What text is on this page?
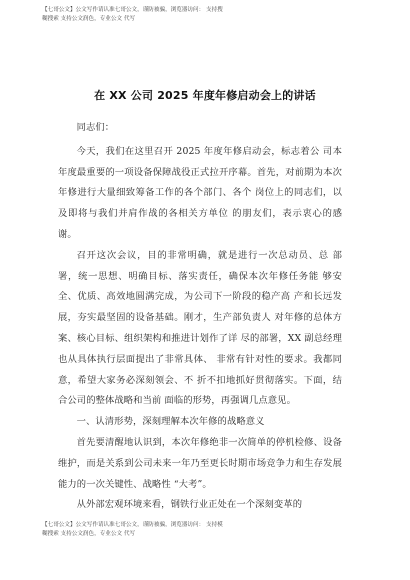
【七哥公文】公文写作请认准七哥公文，谨防被骗，浏览器访问： 支持搜
糊搜索 支持公文润色，专业公文 代写
在 XX 公司 2025 年度年修启动会上的讲话

同志们：

今天，我们在这里召开 2025 年度年修启动会，标志着公 司本年度最重要的一项设备保障战役正式拉开序幕。首先，对前期为本次年修进行大量细致筹备工作的各个部门、各个 岗位上的同志们，以及即将与我们并肩作战的各相关方单位 的朋友们，表示衷心的感谢。

召开这次会议，目的非常明确，就是进行一次总动员、总 部署，统一思想、明确目标、落实责任，确保本次年修任务能 够安全、优质、高效地圆满完成，为公司下一阶段的稳产高 产和长远发展，夯实最坚固的设备基础。刚才，生产部负责人 对年修的总体方案、核心目标、组织架构和推进计划作了详 尽的部署，XX 副总经理也从具体执行层面提出了非常具体、 非常有针对性的要求。我都同意，希望大家务必深刻领会、不 折不扣地抓好贯彻落实。下面，结合公司的整体战略和当前 面临的形势，再强调几点意见。

一、认清形势，深刻理解本次年修的战略意义

首先要清醒地认识到，本次年修绝非一次简单的停机检修、设备维护，而是关系到公司未来一年乃至更长时期市场竞争力和生存发展能力的一次关键性、战略性 “大考”。

从外部宏观环境来看，钢铁行业正处在一个深刻变革的

【七哥公文】公文写作请认准七哥公文，谨防被骗，浏览器访问： 支持模
糊搜索 支持公文润色，专业公文 代写
